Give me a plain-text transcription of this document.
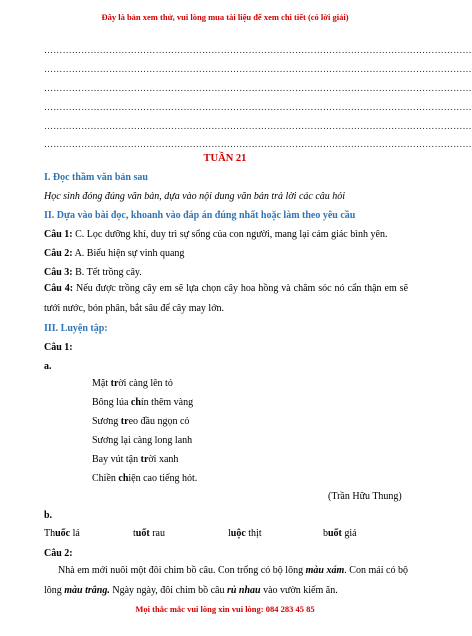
Đây là bản xem thử, vui lòng mua tài liệu để xem chi tiết (có lời giải)
…………………………………………………………………………………………………………………………
…………………………………………………………………………………………………………………………
…………………………………………………………………………………………………………………………
…………………………………………………………………………………………………………………………
…………………………………………………………………………………………………………………………
…………………………………………………………………………………………………………………………
TUẦN 21
I. Đọc thầm văn bản sau
Học sinh đóng đúng văn bản, dựa vào nội dung văn bản trả lời các câu hỏi
II. Dựa vào bài đọc, khoanh vào đáp án đúng nhất hoặc làm theo yêu cầu
Câu 1: C. Lọc dưỡng khí, duy trì sự sống của con người, mang lại cảm giác bình yên.
Câu 2: A. Biểu hiện sự vinh quang
Câu 3: B. Tết trồng cây.
Câu 4: Nếu được trồng cây em sẽ lựa chọn cây hoa hồng và chăm sóc nó cẩn thận em sẽ tưới nước, bón phân, bắt sâu để cây may lớn.
III. Luyện tập:
Câu 1:
a.
Mặt trời càng lên tỏ
Bông lúa chín thêm vàng
Sương treo đầu ngọn cỏ
Sương lại càng long lanh
Bay vút tận trời xanh
Chiền chiện cao tiếng hót.
(Trần Hữu Thung)
b.
Thuốc lá	tuốt rau	luộc thịt	buốt giá
Câu 2:
Nhà em mới nuôi một đôi chim bồ câu. Con trống có bộ lông màu xám. Con mái có bộ lông màu trắng. Ngày ngày, đôi chim bồ câu rủ nhau vào vườn kiếm ăn.
Mọi thắc mắc vui lòng xin vui lòng: 084 283 45 85
